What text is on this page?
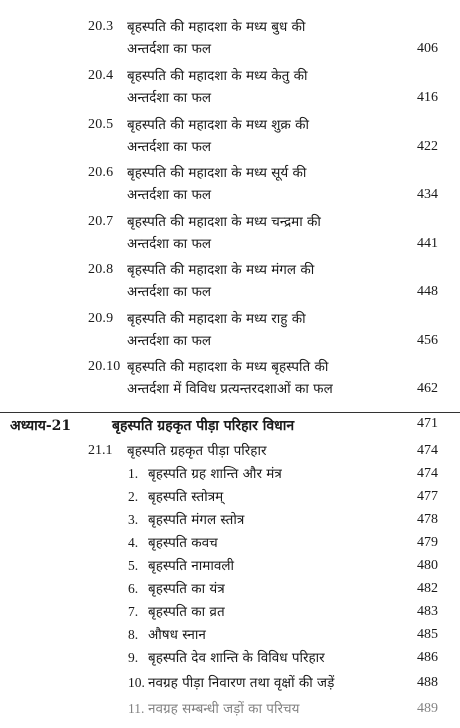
20.3 बृहस्पति की महादशा के मध्य बुध की
अन्तर्दशा का फल	406
20.4 बृहस्पति की महादशा के मध्य केतु की
अन्तर्दशा का फल	416
20.5 बृहस्पति की महादशा के मध्य शुक्र की
अन्तर्दशा का फल	422
20.6 बृहस्पति की महादशा के मध्य सूर्य की
अन्तर्दशा का फल	434
20.7 बृहस्पति की महादशा के मध्य चन्द्रमा की
अन्तर्दशा का फल	441
20.8 बृहस्पति की महादशा के मध्य मंगल की
अन्तर्दशा का फल	448
20.9 बृहस्पति की महादशा के मध्य राहु की
अन्तर्दशा का फल	456
20.10 बृहस्पति की महादशा के मध्य बृहस्पति की
अन्तर्दशा में विविध प्रत्यन्तरदशाओं का फल	462
अध्याय-21	बृहस्पति ग्रहकृत पीड़ा परिहार विधान	471
21.1 बृहस्पति ग्रहकृत पीड़ा परिहार	474
1. बृहस्पति ग्रह शान्ति और मंत्र	474
2. बृहस्पति स्तोत्रम्	477
3. बृहस्पति मंगल स्तोत्र	478
4. बृहस्पति कवच	479
5. बृहस्पति नामावली	480
6. बृहस्पति का यंत्र	482
7. बृहस्पति का व्रत	483
8. औषध स्नान	485
9. बृहस्पति देव शान्ति के विविध परिहार	486
10. नवग्रह पीड़ा निवारण तथा वृक्षों की जड़ें	488
11. नवग्रह सम्बन्धी जड़ों का परिचय	489
